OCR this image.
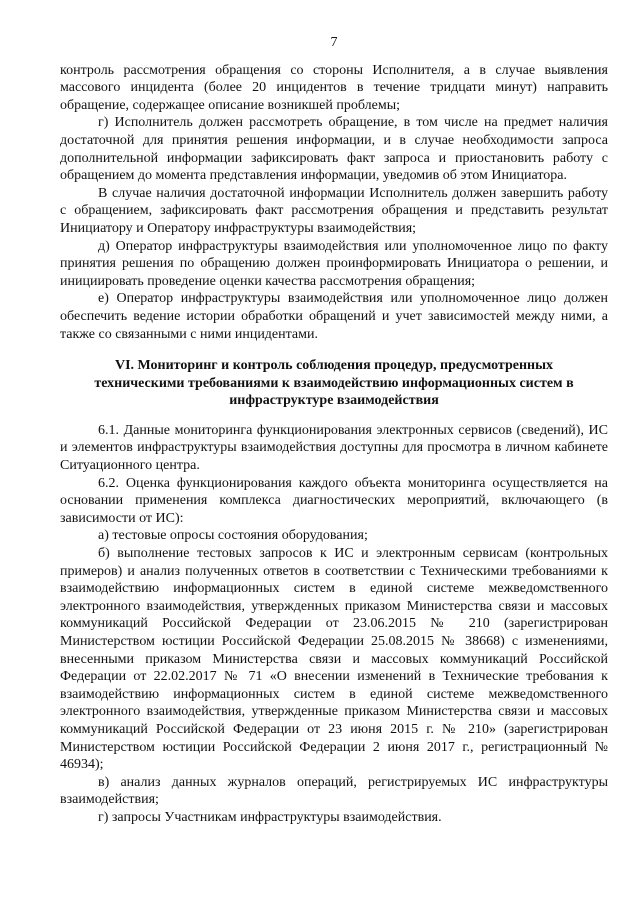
7

контроль рассмотрения обращения со стороны Исполнителя, а в случае выявления массового инцидента (более 20 инцидентов в течение тридцати минут) направить обращение, содержащее описание возникшей проблемы;

г) Исполнитель должен рассмотреть обращение, в том числе на предмет наличия достаточной для принятия решения информации, и в случае необходимости запроса дополнительной информации зафиксировать факт запроса и приостановить работу с обращением до момента представления информации, уведомив об этом Инициатора.

В случае наличия достаточной информации Исполнитель должен завершить работу с обращением, зафиксировать факт рассмотрения обращения и представить результат Инициатору и Оператору инфраструктуры взаимодействия;

д) Оператор инфраструктуры взаимодействия или уполномоченное лицо по факту принятия решения по обращению должен проинформировать Инициатора о решении, и инициировать проведение оценки качества рассмотрения обращения;

е) Оператор инфраструктуры взаимодействия или уполномоченное лицо должен обеспечить ведение истории обработки обращений и учет зависимостей между ними, а также со связанными с ними инцидентами.

VI. Мониторинг и контроль соблюдения процедур, предусмотренных
техническими требованиями к взаимодействию информационных систем в
инфраструктуре взаимодействия

6.1. Данные мониторинга функционирования электронных сервисов (сведений), ИС и элементов инфраструктуры взаимодействия доступны для просмотра в личном кабинете Ситуационного центра.

6.2. Оценка функционирования каждого объекта мониторинга осуществляется на основании применения комплекса диагностических мероприятий, включающего (в зависимости от ИС):

а) тестовые опросы состояния оборудования;

б) выполнение тестовых запросов к ИС и электронным сервисам (контрольных примеров) и анализ полученных ответов в соответствии с Техническими требованиями к взаимодействию информационных систем в единой системе межведомственного электронного взаимодействия, утвержденных приказом Министерства связи и массовых коммуникаций Российской Федерации от 23.06.2015 № 210 (зарегистрирован Министерством юстиции Российской Федерации 25.08.2015 № 38668) с изменениями, внесенными приказом Министерства связи и массовых коммуникаций Российской Федерации от 22.02.2017 № 71 «О внесении изменений в Технические требования к взаимодействию информационных систем в единой системе межведомственного электронного взаимодействия, утвержденные приказом Министерства связи и массовых коммуникаций Российской Федерации от 23 июня 2015 г. № 210» (зарегистрирован Министерством юстиции Российской Федерации 2 июня 2017 г., регистрационный № 46934);

в) анализ данных журналов операций, регистрируемых ИС инфраструктуры взаимодействия;

г) запросы Участникам инфраструктуры взаимодействия.
